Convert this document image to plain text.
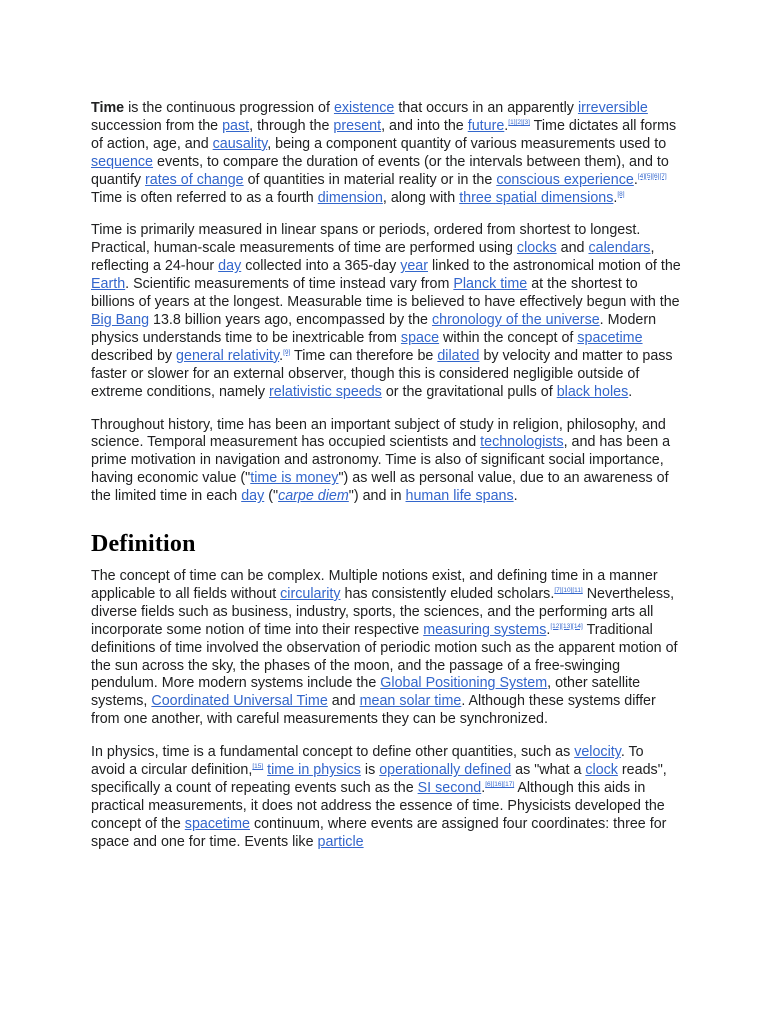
Time is the continuous progression of existence that occurs in an apparently irreversible succession from the past, through the present, and into the future.[1][2][3] Time dictates all forms of action, age, and causality, being a component quantity of various measurements used to sequence events, to compare the duration of events (or the intervals between them), and to quantify rates of change of quantities in material reality or in the conscious experience.[4][5][6][7] Time is often referred to as a fourth dimension, along with three spatial dimensions.[8]

Time is primarily measured in linear spans or periods, ordered from shortest to longest. Practical, human-scale measurements of time are performed using clocks and calendars, reflecting a 24-hour day collected into a 365-day year linked to the astronomical motion of the Earth. Scientific measurements of time instead vary from Planck time at the shortest to billions of years at the longest. Measurable time is believed to have effectively begun with the Big Bang 13.8 billion years ago, encompassed by the chronology of the universe. Modern physics understands time to be inextricable from space within the concept of spacetime described by general relativity.[9] Time can therefore be dilated by velocity and matter to pass faster or slower for an external observer, though this is considered negligible outside of extreme conditions, namely relativistic speeds or the gravitational pulls of black holes.

Throughout history, time has been an important subject of study in religion, philosophy, and science. Temporal measurement has occupied scientists and technologists, and has been a prime motivation in navigation and astronomy. Time is also of significant social importance, having economic value ("time is money") as well as personal value, due to an awareness of the limited time in each day ("carpe diem") and in human life spans.

Definition

The concept of time can be complex. Multiple notions exist, and defining time in a manner applicable to all fields without circularity has consistently eluded scholars.[7][10][11] Nevertheless, diverse fields such as business, industry, sports, the sciences, and the performing arts all incorporate some notion of time into their respective measuring systems.[12][13][14] Traditional definitions of time involved the observation of periodic motion such as the apparent motion of the sun across the sky, the phases of the moon, and the passage of a free-swinging pendulum. More modern systems include the Global Positioning System, other satellite systems, Coordinated Universal Time and mean solar time. Although these systems differ from one another, with careful measurements they can be synchronized.

In physics, time is a fundamental concept to define other quantities, such as velocity. To avoid a circular definition,[15] time in physics is operationally defined as "what a clock reads", specifically a count of repeating events such as the SI second.[6][16][17] Although this aids in practical measurements, it does not address the essence of time. Physicists developed the concept of the spacetime continuum, where events are assigned four coordinates: three for space and one for time. Events like particle
